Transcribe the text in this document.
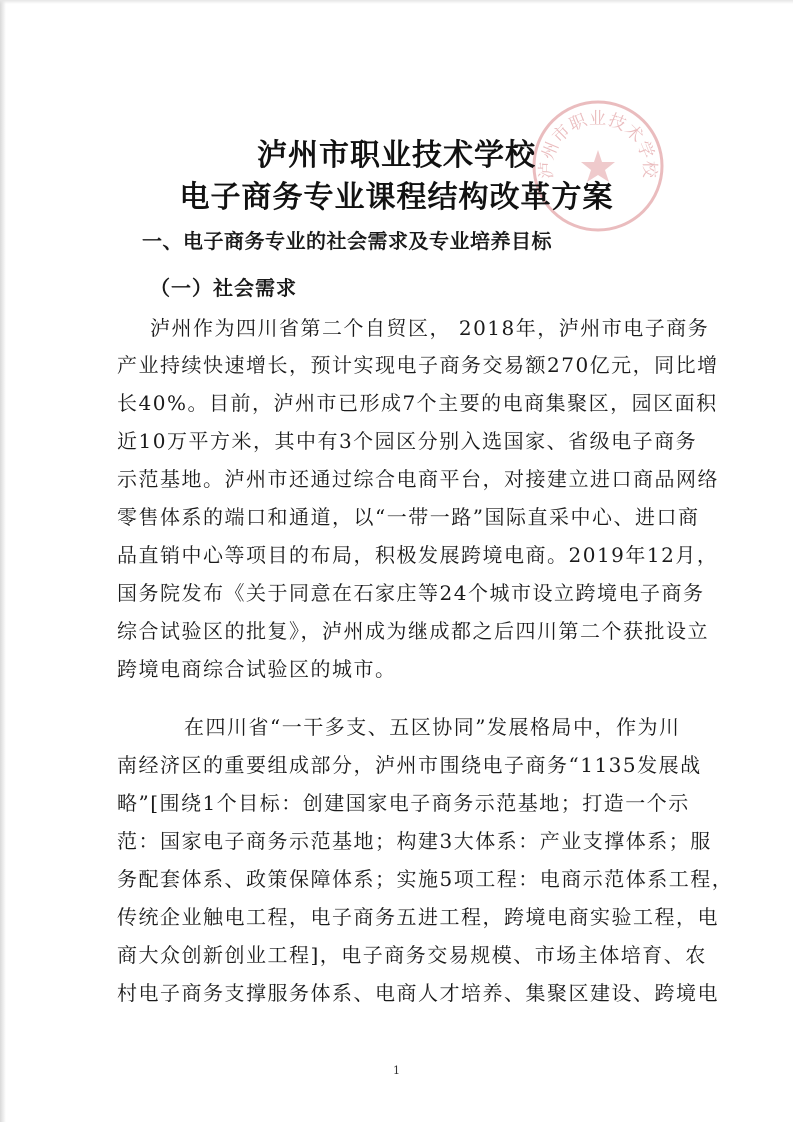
泸州市职业技术学校
泸州市职业技术学校
电子商务专业课程结构改革方案
一、电子商务专业的社会需求及专业培养目标
（一）社会需求
泸州作为四川省第二个自贸区， 2018年，泸州市电子商务
产业持续快速增长，预计实现电子商务交易额270亿元，同比增
长40%。目前，泸州市已形成7个主要的电商集聚区，园区面积
近10万平方米，其中有3个园区分别入选国家、省级电子商务
示范基地。泸州市还通过综合电商平台，对接建立进口商品网络
零售体系的端口和通道，以“一带一路”国际直采中心、进口商
品直销中心等项目的布局，积极发展跨境电商。2019年12月，
国务院发布《关于同意在石家庄等24个城市设立跨境电子商务
综合试验区的批复》，泸州成为继成都之后四川第二个获批设立
跨境电商综合试验区的城市。
在四川省“一干多支、五区协同”发展格局中，作为川
南经济区的重要组成部分，泸州市围绕电子商务“1135发展战
略”[围绕1个目标：创建国家电子商务示范基地；打造一个示
范：国家电子商务示范基地；构建3大体系：产业支撑体系；服
务配套体系、政策保障体系；实施5项工程：电商示范体系工程，
传统企业触电工程，电子商务五进工程，跨境电商实验工程，电
商大众创新创业工程]，电子商务交易规模、市场主体培育、农
村电子商务支撑服务体系、电商人才培养、集聚区建设、跨境电
1
